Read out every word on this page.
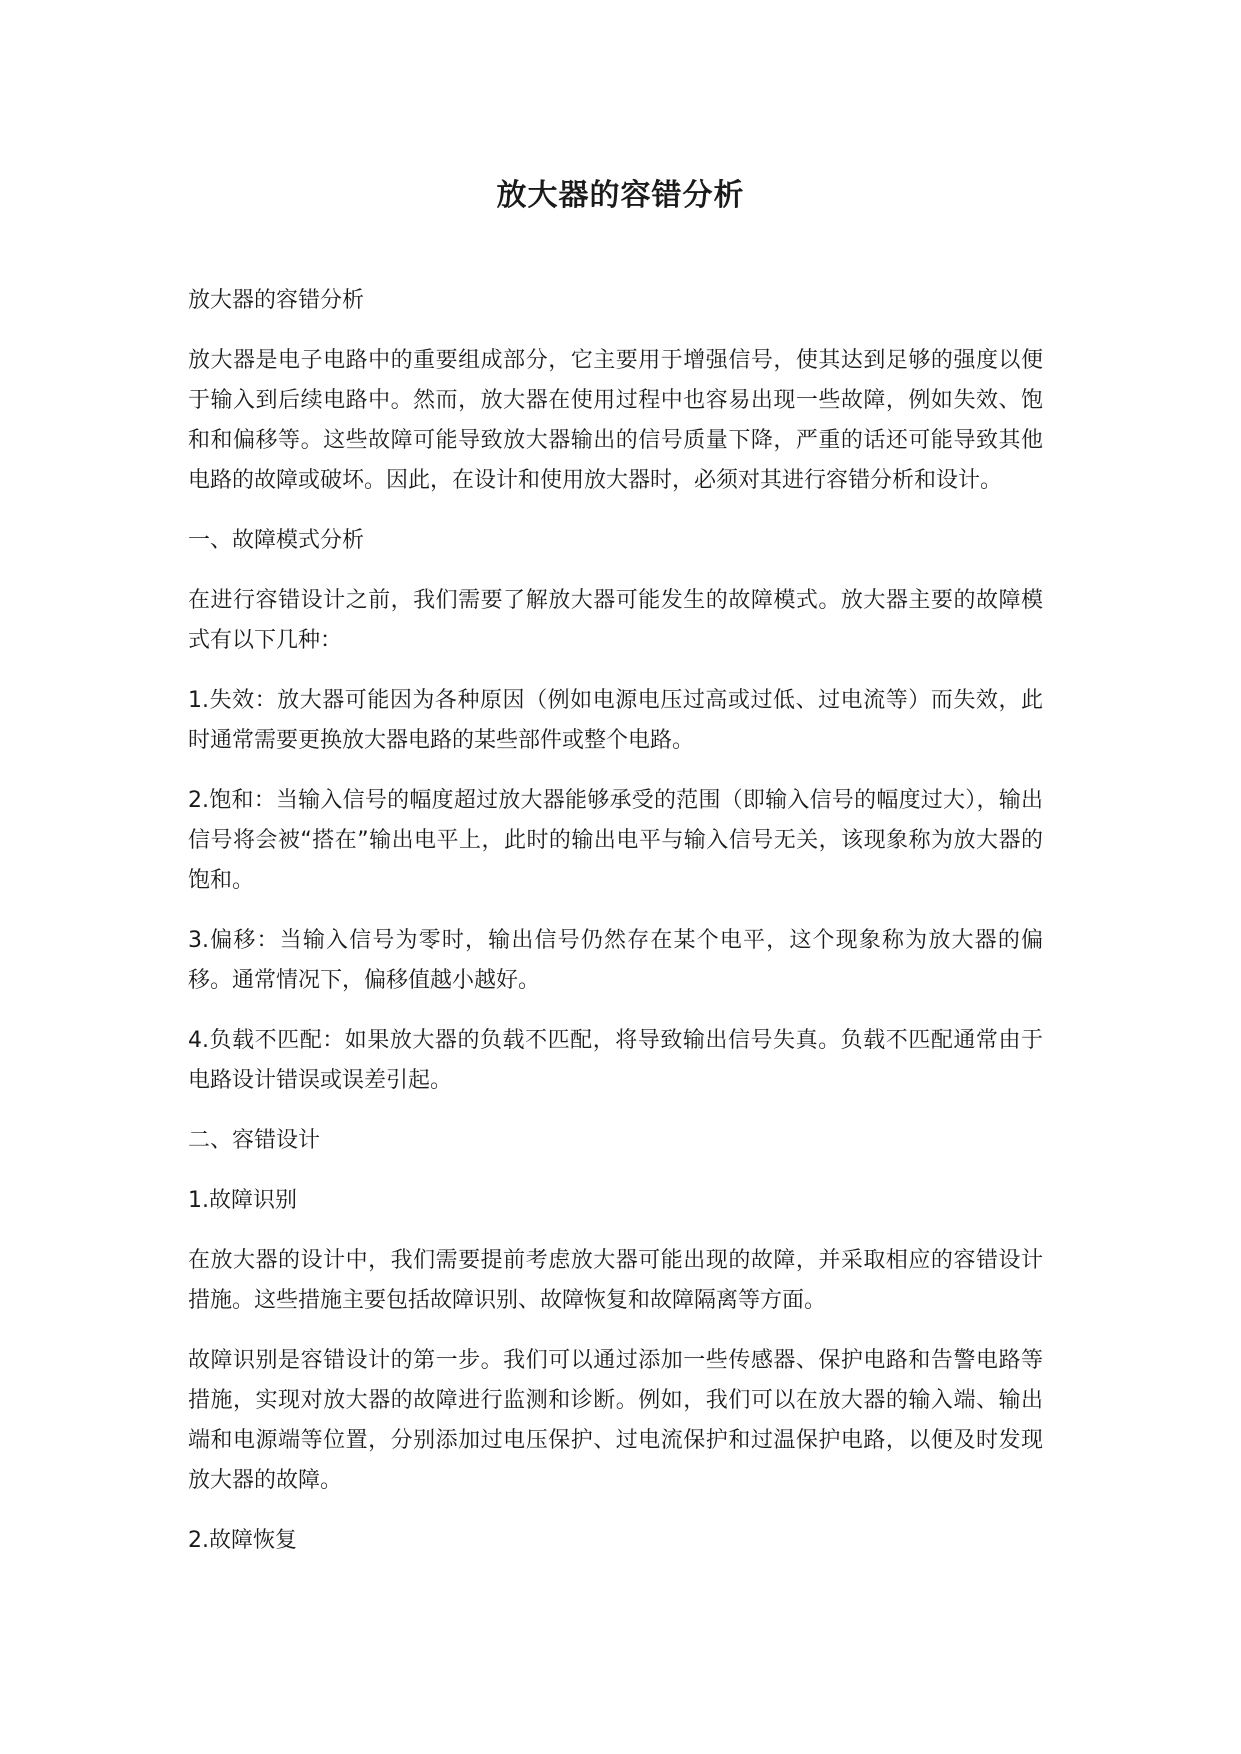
放大器的容错分析

放大器的容错分析

放大器是电子电路中的重要组成部分，它主要用于增强信号，使其达到足够的强度以便于输入到后续电路中。然而，放大器在使用过程中也容易出现一些故障，例如失效、饱和和偏移等。这些故障可能导致放大器输出的信号质量下降，严重的话还可能导致其他电路的故障或破坏。因此，在设计和使用放大器时，必须对其进行容错分析和设计。

一、故障模式分析

在进行容错设计之前，我们需要了解放大器可能发生的故障模式。放大器主要的故障模式有以下几种：

1.失效：放大器可能因为各种原因（例如电源电压过高或过低、过电流等）而失效，此时通常需要更换放大器电路的某些部件或整个电路。

2.饱和：当输入信号的幅度超过放大器能够承受的范围（即输入信号的幅度过大），输出信号将会被“搭在”输出电平上，此时的输出电平与输入信号无关，该现象称为放大器的饱和。

3.偏移：当输入信号为零时，输出信号仍然存在某个电平，这个现象称为放大器的偏移。通常情况下，偏移值越小越好。

4.负载不匹配：如果放大器的负载不匹配，将导致输出信号失真。负载不匹配通常由于电路设计错误或误差引起。

二、容错设计

1.故障识别

在放大器的设计中，我们需要提前考虑放大器可能出现的故障，并采取相应的容错设计措施。这些措施主要包括故障识别、故障恢复和故障隔离等方面。

故障识别是容错设计的第一步。我们可以通过添加一些传感器、保护电路和告警电路等措施，实现对放大器的故障进行监测和诊断。例如，我们可以在放大器的输入端、输出端和电源端等位置，分别添加过电压保护、过电流保护和过温保护电路，以便及时发现放大器的故障。

2.故障恢复
